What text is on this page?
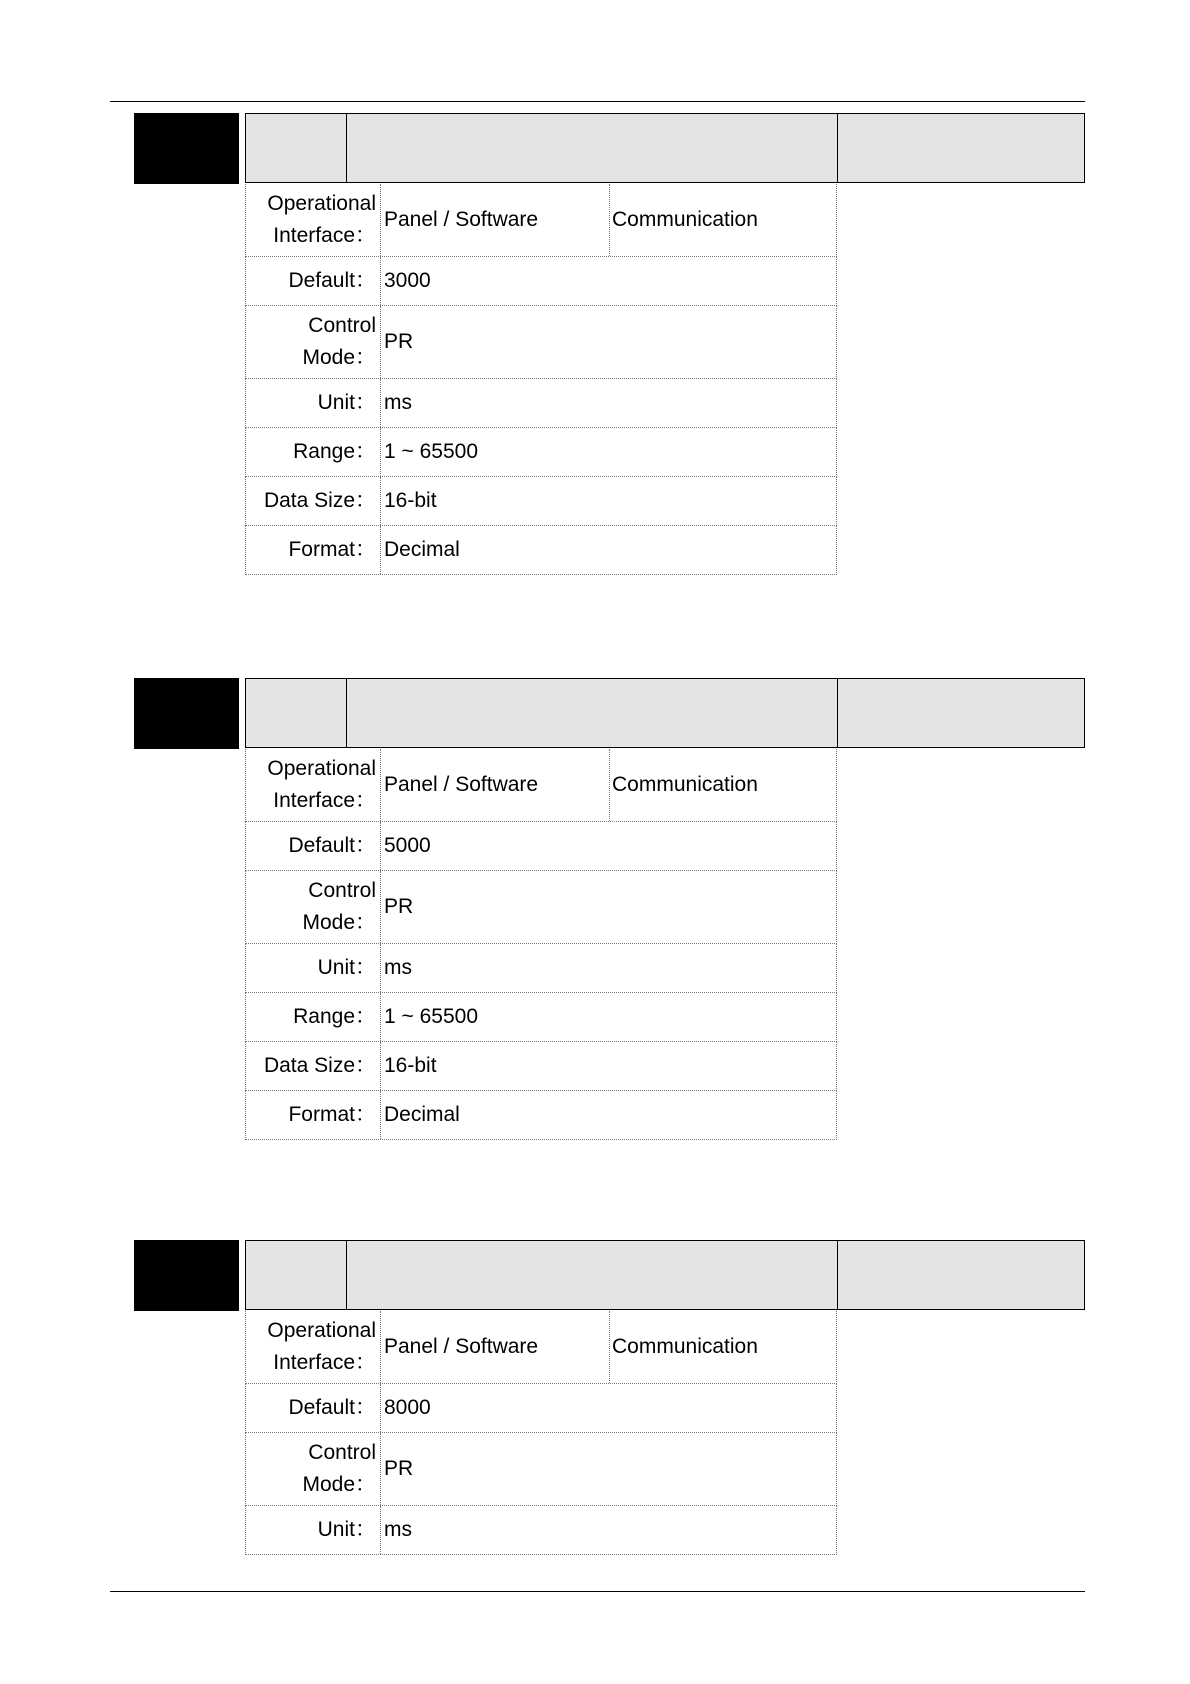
Operational
Interface：
Panel / Software	Communication
Default： 3000
Control
Mode：
PR
Unit： ms
Range： 1 ~ 65500
Data Size： 16-bit
Format： Decimal
Operational
Interface：
Panel / Software	Communication
Default： 5000
Control
Mode：
PR
Unit： ms
Range： 1 ~ 65500
Data Size： 16-bit
Format： Decimal
Operational
Interface：
Panel / Software	Communication
Default： 8000
Control
Mode：
PR
Unit： ms
